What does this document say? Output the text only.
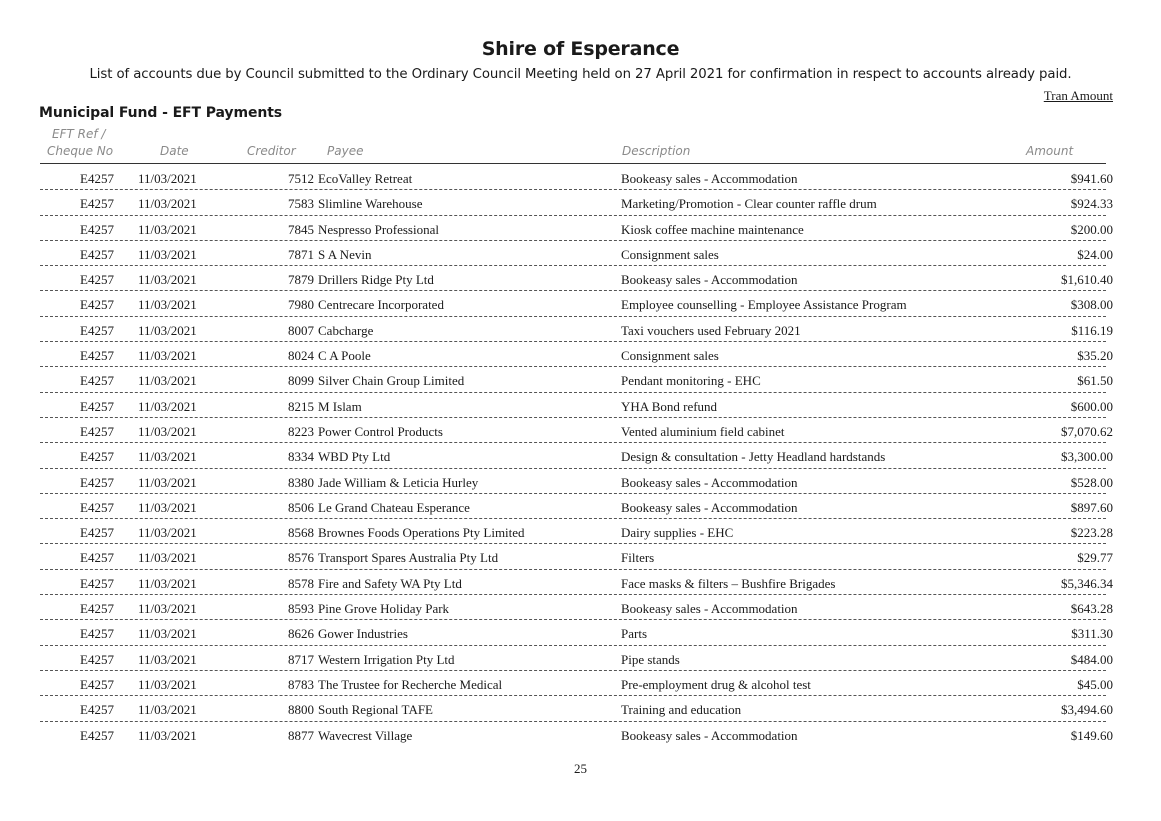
Shire of Esperance
List of accounts due by Council submitted to the Ordinary Council Meeting held on 27 April 2021 for confirmation in respect to accounts already paid.
Tran Amount
Municipal Fund - EFT Payments
EFT Ref /
Cheque No	Date	Creditor	Payee	Description	Amount
E4257 11/03/2021	7512 EcoValley Retreat	Bookeasy sales - Accommodation	$941.60
E4257 11/03/2021	7583 Slimline Warehouse	Marketing/Promotion - Clear counter raffle drum	$924.33
E4257 11/03/2021	7845 Nespresso Professional	Kiosk coffee machine maintenance	$200.00
E4257 11/03/2021	7871 S A Nevin	Consignment sales	$24.00
E4257 11/03/2021	7879 Drillers Ridge Pty Ltd	Bookeasy sales - Accommodation	$1,610.40
E4257 11/03/2021	7980 Centrecare Incorporated	Employee counselling - Employee Assistance Program	$308.00
E4257 11/03/2021	8007 Cabcharge	Taxi vouchers used February 2021	$116.19
E4257 11/03/2021	8024 C A Poole	Consignment sales	$35.20
E4257 11/03/2021	8099 Silver Chain Group Limited	Pendant monitoring - EHC	$61.50
E4257 11/03/2021	8215 M Islam	YHA Bond refund	$600.00
E4257 11/03/2021	8223 Power Control Products	Vented aluminium field cabinet	$7,070.62
E4257 11/03/2021	8334 WBD Pty Ltd	Design & consultation - Jetty Headland hardstands	$3,300.00
E4257 11/03/2021	8380 Jade William & Leticia Hurley	Bookeasy sales - Accommodation	$528.00
E4257 11/03/2021	8506 Le Grand Chateau Esperance	Bookeasy sales - Accommodation	$897.60
E4257 11/03/2021	8568 Brownes Foods Operations Pty Limited	Dairy supplies - EHC	$223.28
E4257 11/03/2021	8576 Transport Spares Australia Pty Ltd	Filters	$29.77
E4257 11/03/2021	8578 Fire and Safety WA Pty Ltd	Face masks & filters – Bushfire Brigades	$5,346.34
E4257 11/03/2021	8593 Pine Grove Holiday Park	Bookeasy sales - Accommodation	$643.28
E4257 11/03/2021	8626 Gower Industries	Parts	$311.30
E4257 11/03/2021	8717 Western Irrigation Pty Ltd	Pipe stands	$484.00
E4257 11/03/2021	8783 The Trustee for Recherche Medical	Pre-employment drug & alcohol test	$45.00
E4257 11/03/2021	8800 South Regional TAFE	Training and education	$3,494.60
E4257 11/03/2021	8877 Wavecrest Village	Bookeasy sales - Accommodation	$149.60
25
